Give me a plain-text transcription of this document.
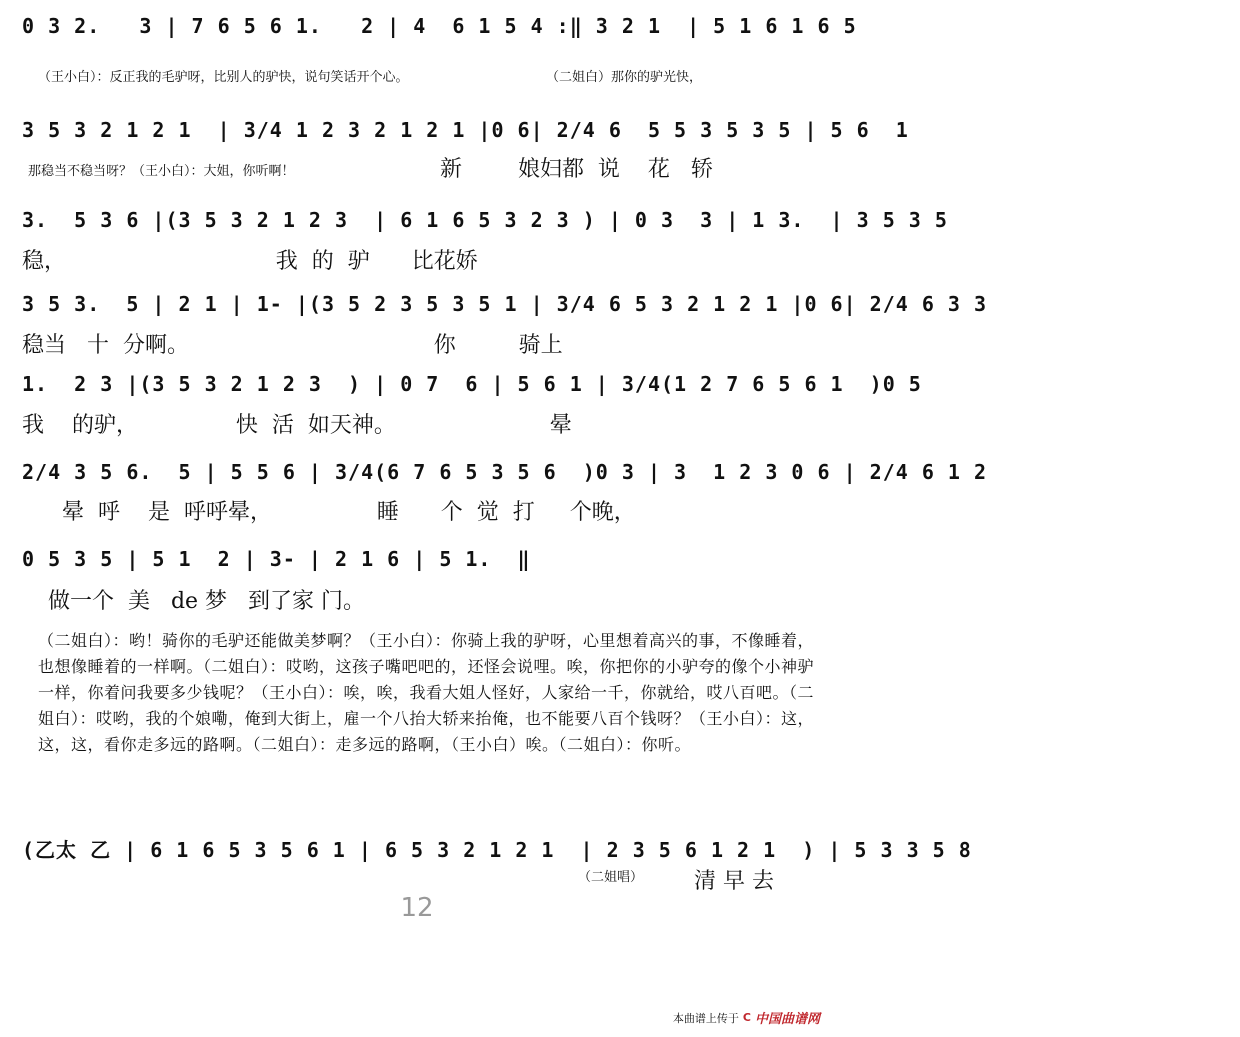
0 3 2.   3 | 7 6 5 6 1.   2 | 4  6 1 5 4 :‖ 3 2 1  | 5 1 6 1 6 5
（王小白）：反正我的毛驴呀，比别人的驴快，说句笑话开个心。	（二姐白）那你的驴光快，
3 5 3 2 1 2 1  | 3/4 1 2 3 2 1 2 1 |0 6| 2/4 6  5 5 3 5 3 5 | 5 6  1
那稳当不稳当呀？（王小白）：大姐，你听啊！	新        娘妇都  说    花   轿
3.  5 3 6 |(3 5 3 2 1 2 3  | 6 1 6 5 3 2 3 ) | 0 3  3 | 1 3.  | 3 5 3 5
稳，                              我  的  驴      比花娇
3 5 3.  5 | 2 1 | 1- |(3 5 2 3 5 3 5 1 | 3/4 6 5 3 2 1 2 1 |0 6| 2/4 6 3 3
稳当   十  分啊。                                   你         骑上
1.  2 3 |(3 5 3 2 1 2 3  ) | 0 7  6 | 5 6 1 | 3/4(1 2 7 6 5 6 1  )0 5
我    的驴，              快  活  如天神。                      晕
2/4 3 5 6.  5 | 5 5 6 | 3/4(6 7 6 5 3 5 6  )0 3 | 3  1 2 3 0 6 | 2/4 6 1 2
晕  呼    是  呼呼晕，               睡      个  觉  打     个晚，
0 5 3 5 | 5 1  2 | 3- | 2 1 6 | 5 1.  ‖
做一个  美   de 梦   到了家 门。
（二姐白）：哟！骑你的毛驴还能做美梦啊？（王小白）：你骑上我的驴呀，心里想着高兴的事，不像睡着，也想像睡着的一样啊。（二姐白）：哎哟，这孩子嘴吧吧的，还怪会说哩。唉，你把你的小驴夸的像个小神驴一样，你着问我要多少钱呢？（王小白）：唉，唉，我看大姐人怪好，人家给一千，你就给，哎八百吧。（二姐白）：哎哟，我的个娘嘞，俺到大街上，雇一个八抬大轿来抬俺，也不能要八百个钱呀？（王小白）：这，这，这，看你走多远的路啊。（二姐白）：走多远的路啊，（王小白）唉。（二姐白）：你听。
(乙太 乙 | 6 1 6 5 3 5 6 1 | 6 5 3 2 1 2 1  | 2 3 5 6 1 2 1  ) | 5 3 3 5 8
（二姐唱） 清 早 去
12
本曲谱上传于 C 中国曲谱网
